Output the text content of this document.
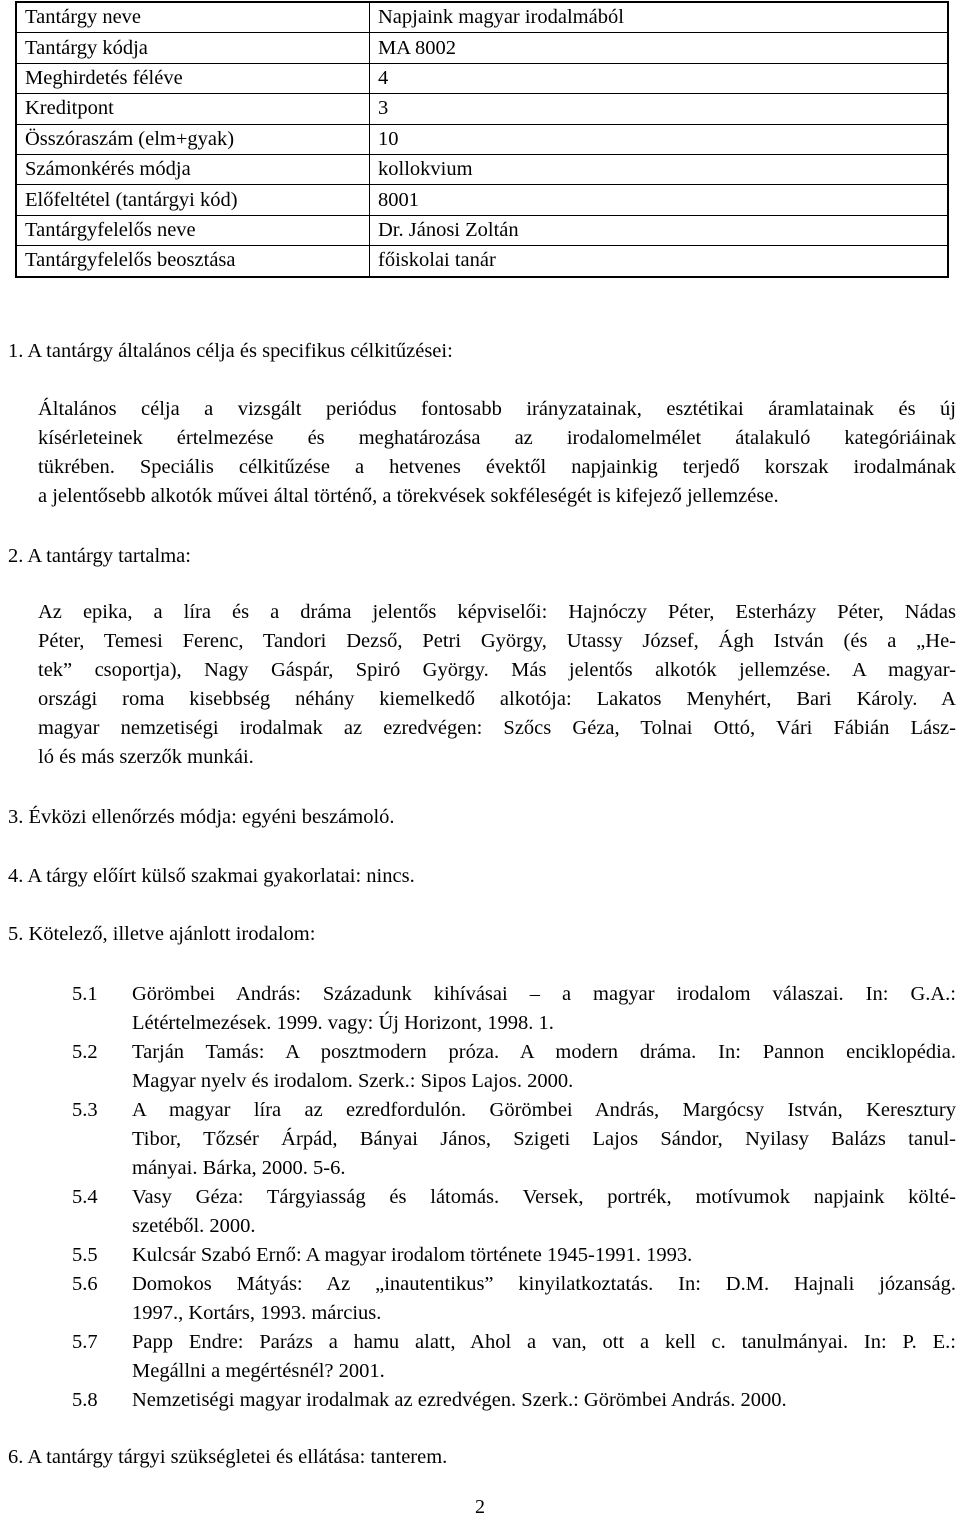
Tantárgy neve	Napjaink magyar irodalmából
Tantárgy kódja	MA 8002
Meghirdetés féléve	4
Kreditpont	3
Összóraszám (elm+gyak)	10
Számonkérés módja	kollokvium
Előfeltétel (tantárgyi kód)	8001
Tantárgyfelelős neve	Dr. Jánosi Zoltán
Tantárgyfelelős beosztása	főiskolai tanár
1. A tantárgy általános célja és specifikus célkitűzései:
Általános célja a vizsgált periódus fontosabb irányzatainak, esztétikai áramlatainak és új
kísérleteinek értelmezése és meghatározása az irodalomelmélet átalakuló kategóriáinak
tükrében. Speciális célkitűzése a hetvenes évektől napjainkig terjedő korszak irodalmának
a jelentősebb alkotók művei által történő, a törekvések sokféleségét is kifejező jellemzése.
2. A tantárgy tartalma:
Az epika, a líra és a dráma jelentős képviselői: Hajnóczy Péter, Esterházy Péter, Nádas
Péter, Temesi Ferenc, Tandori Dezső, Petri György, Utassy József, Ágh István (és a „He-
tek” csoportja), Nagy Gáspár, Spiró György. Más jelentős alkotók jellemzése. A magyar-
országi roma kisebbség néhány kiemelkedő alkotója: Lakatos Menyhért, Bari Károly. A
magyar nemzetiségi irodalmak az ezredvégen: Szőcs Géza, Tolnai Ottó, Vári Fábián Lász-
ló és más szerzők munkái.
3. Évközi ellenőrzés módja: egyéni beszámoló.
4. A tárgy előírt külső szakmai gyakorlatai: nincs.
5. Kötelező, illetve ajánlott irodalom:
5.1 Görömbei András: Századunk kihívásai – a magyar irodalom válaszai. In: G.A.:
Létértelmezések. 1999. vagy: Új Horizont, 1998. 1.
5.2 Tarján Tamás: A posztmodern próza. A modern dráma. In: Pannon enciklopédia.
Magyar nyelv és irodalom. Szerk.: Sipos Lajos. 2000.
5.3 A magyar líra az ezredfordulón. Görömbei András, Margócsy István, Keresztury
Tibor, Tőzsér Árpád, Bányai János, Szigeti Lajos Sándor, Nyilasy Balázs tanul-
mányai. Bárka, 2000. 5-6.
5.4 Vasy Géza: Tárgyiasság és látomás. Versek, portrék, motívumok napjaink költé-
szetéből. 2000.
5.5 Kulcsár Szabó Ernő: A magyar irodalom története 1945-1991. 1993.
5.6 Domokos Mátyás: Az „inautentikus” kinyilatkoztatás. In: D.M. Hajnali józanság.
1997., Kortárs, 1993. március.
5.7 Papp Endre: Parázs a hamu alatt, Ahol a van, ott a kell c. tanulmányai. In: P. E.:
Megállni a megértésnél? 2001.
5.8 Nemzetiségi magyar irodalmak az ezredvégen. Szerk.: Görömbei András. 2000.
6. A tantárgy tárgyi szükségletei és ellátása: tanterem.
2
